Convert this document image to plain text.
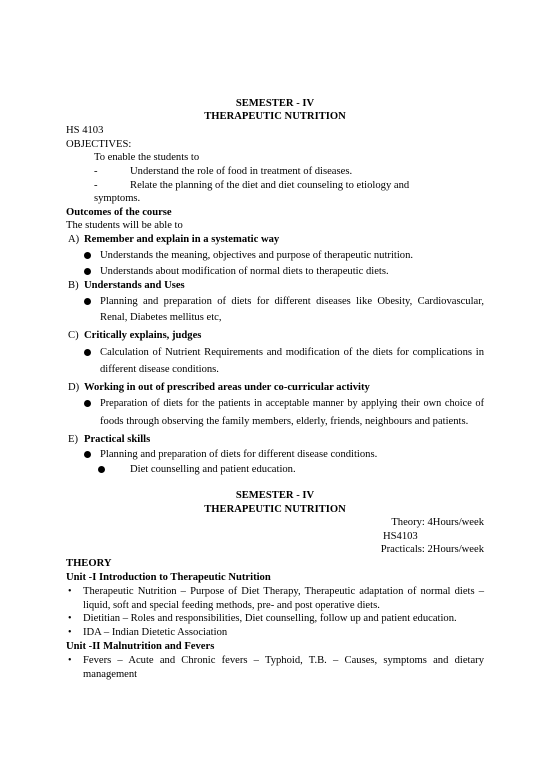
SEMESTER - IV
THERAPEUTIC NUTRITION
HS 4103
OBJECTIVES:
To enable the students to
-	Understand the role of food in treatment of diseases.
-	Relate the planning of the diet and diet counseling to etiology and
symptoms.
Outcomes of the course
The students will be able to
A) Remember and explain in a systematic way
Understands the meaning, objectives and purpose of therapeutic nutrition.
Understands about modification of normal diets to therapeutic diets.
B) Understands and Uses
Planning and preparation of diets for different diseases like Obesity, Cardiovascular,
Renal, Diabetes mellitus etc,
C) Critically explains, judges
Calculation of Nutrient Requirements and modification of the diets for complications in
different disease conditions.
D) Working in out of prescribed areas under co-curricular activity
Preparation of diets for the patients in acceptable manner by applying their own choice of
foods through observing the family members, elderly, friends, neighbours and patients.
E) Practical skills
Planning and preparation of diets for different disease conditions.
Diet counselling and patient education.
SEMESTER - IV
THERAPEUTIC NUTRITION
Theory: 4Hours/week
HS4103
Practicals: 2Hours/week
THEORY
Unit -I Introduction to Therapeutic Nutrition
• Therapeutic Nutrition – Purpose of Diet Therapy, Therapeutic adaptation of normal diets –
liquid, soft and special feeding methods, pre- and post operative diets.
• Dietitian – Roles and responsibilities, Diet counselling, follow up and patient education.
• IDA – Indian Dietetic Association
Unit -II Malnutrition and Fevers
• Fevers – Acute and Chronic fevers – Typhoid, T.B. – Causes, symptoms and dietary
management
